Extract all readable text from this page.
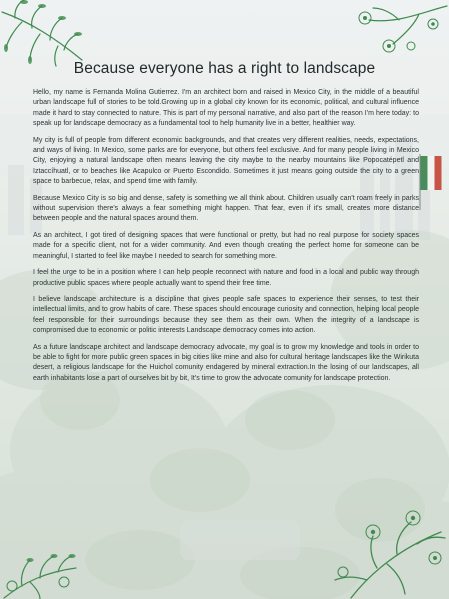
Because everyone has a right to landscape

Hello, my name is Fernanda Molina Gutierrez. I'm an architect born and raised in Mexico City, in the middle of a beautiful urban landscape full of stories to be told.Growing up in a global city known for its economic, political, and cultural influence made it hard to stay connected to nature. This is part of my personal narrative, and also part of the reason I'm here today: to speak up for landscape democracy as a fundamental tool to help humanity live in a better, healthier way.

My city is full of people from different economic backgrounds, and that creates very different realities, needs, expectations, and ways of living. In Mexico, some parks are for everyone, but others feel exclusive. And for many people living in Mexico City, enjoying a natural landscape often means leaving the city maybe to the nearby mountains like Popocatépetl and Iztaccíhuatl, or to beaches like Acapulco or Puerto Escondido. Sometimes it just means going outside the city to a green space to barbecue, relax, and spend time with family.

Because Mexico City is so big and dense, safety is something we all think about. Children usually can't roam freely in parks without supervision there's always a fear something might happen. That fear, even if it's small, creates more distance between people and the natural spaces around them.

As an architect, I got tired of designing spaces that were functional or pretty, but had no real purpose for society spaces made for a specific client, not for a wider community. And even though creating the perfect home for someone can be meaningful, I started to feel like maybe I needed to search for something more.

I feel the urge to be in a position where I can help people reconnect with nature and food in a local and public way through productive public spaces where people actually want to spend their free time.

I believe landscape architecture is a discipline that gives people safe spaces to experience their senses, to test their intellectual limits, and to grow habits of care. These spaces should encourage curiosity and connection, helping local people feel responsible for their surroundings because they see them as their own. When the integrity of a landscape is compromised due to economic or politic interests Landscape democracy comes into action.

As a future landscape architect and landscape democracy advocate, my goal is to grow my knowledge and tools in order to be able to fight for more public green spaces in big cities like mine and also for cultural heritage landscapes like the Wirikuta desert, a religious landscape for the Huichol comunity endagered by mineral extraction.In the losing of our landscapes, all earth inhabitants lose a part of ourselves bit by bit, It's time to grow the advocate comunity for landscape protection.
